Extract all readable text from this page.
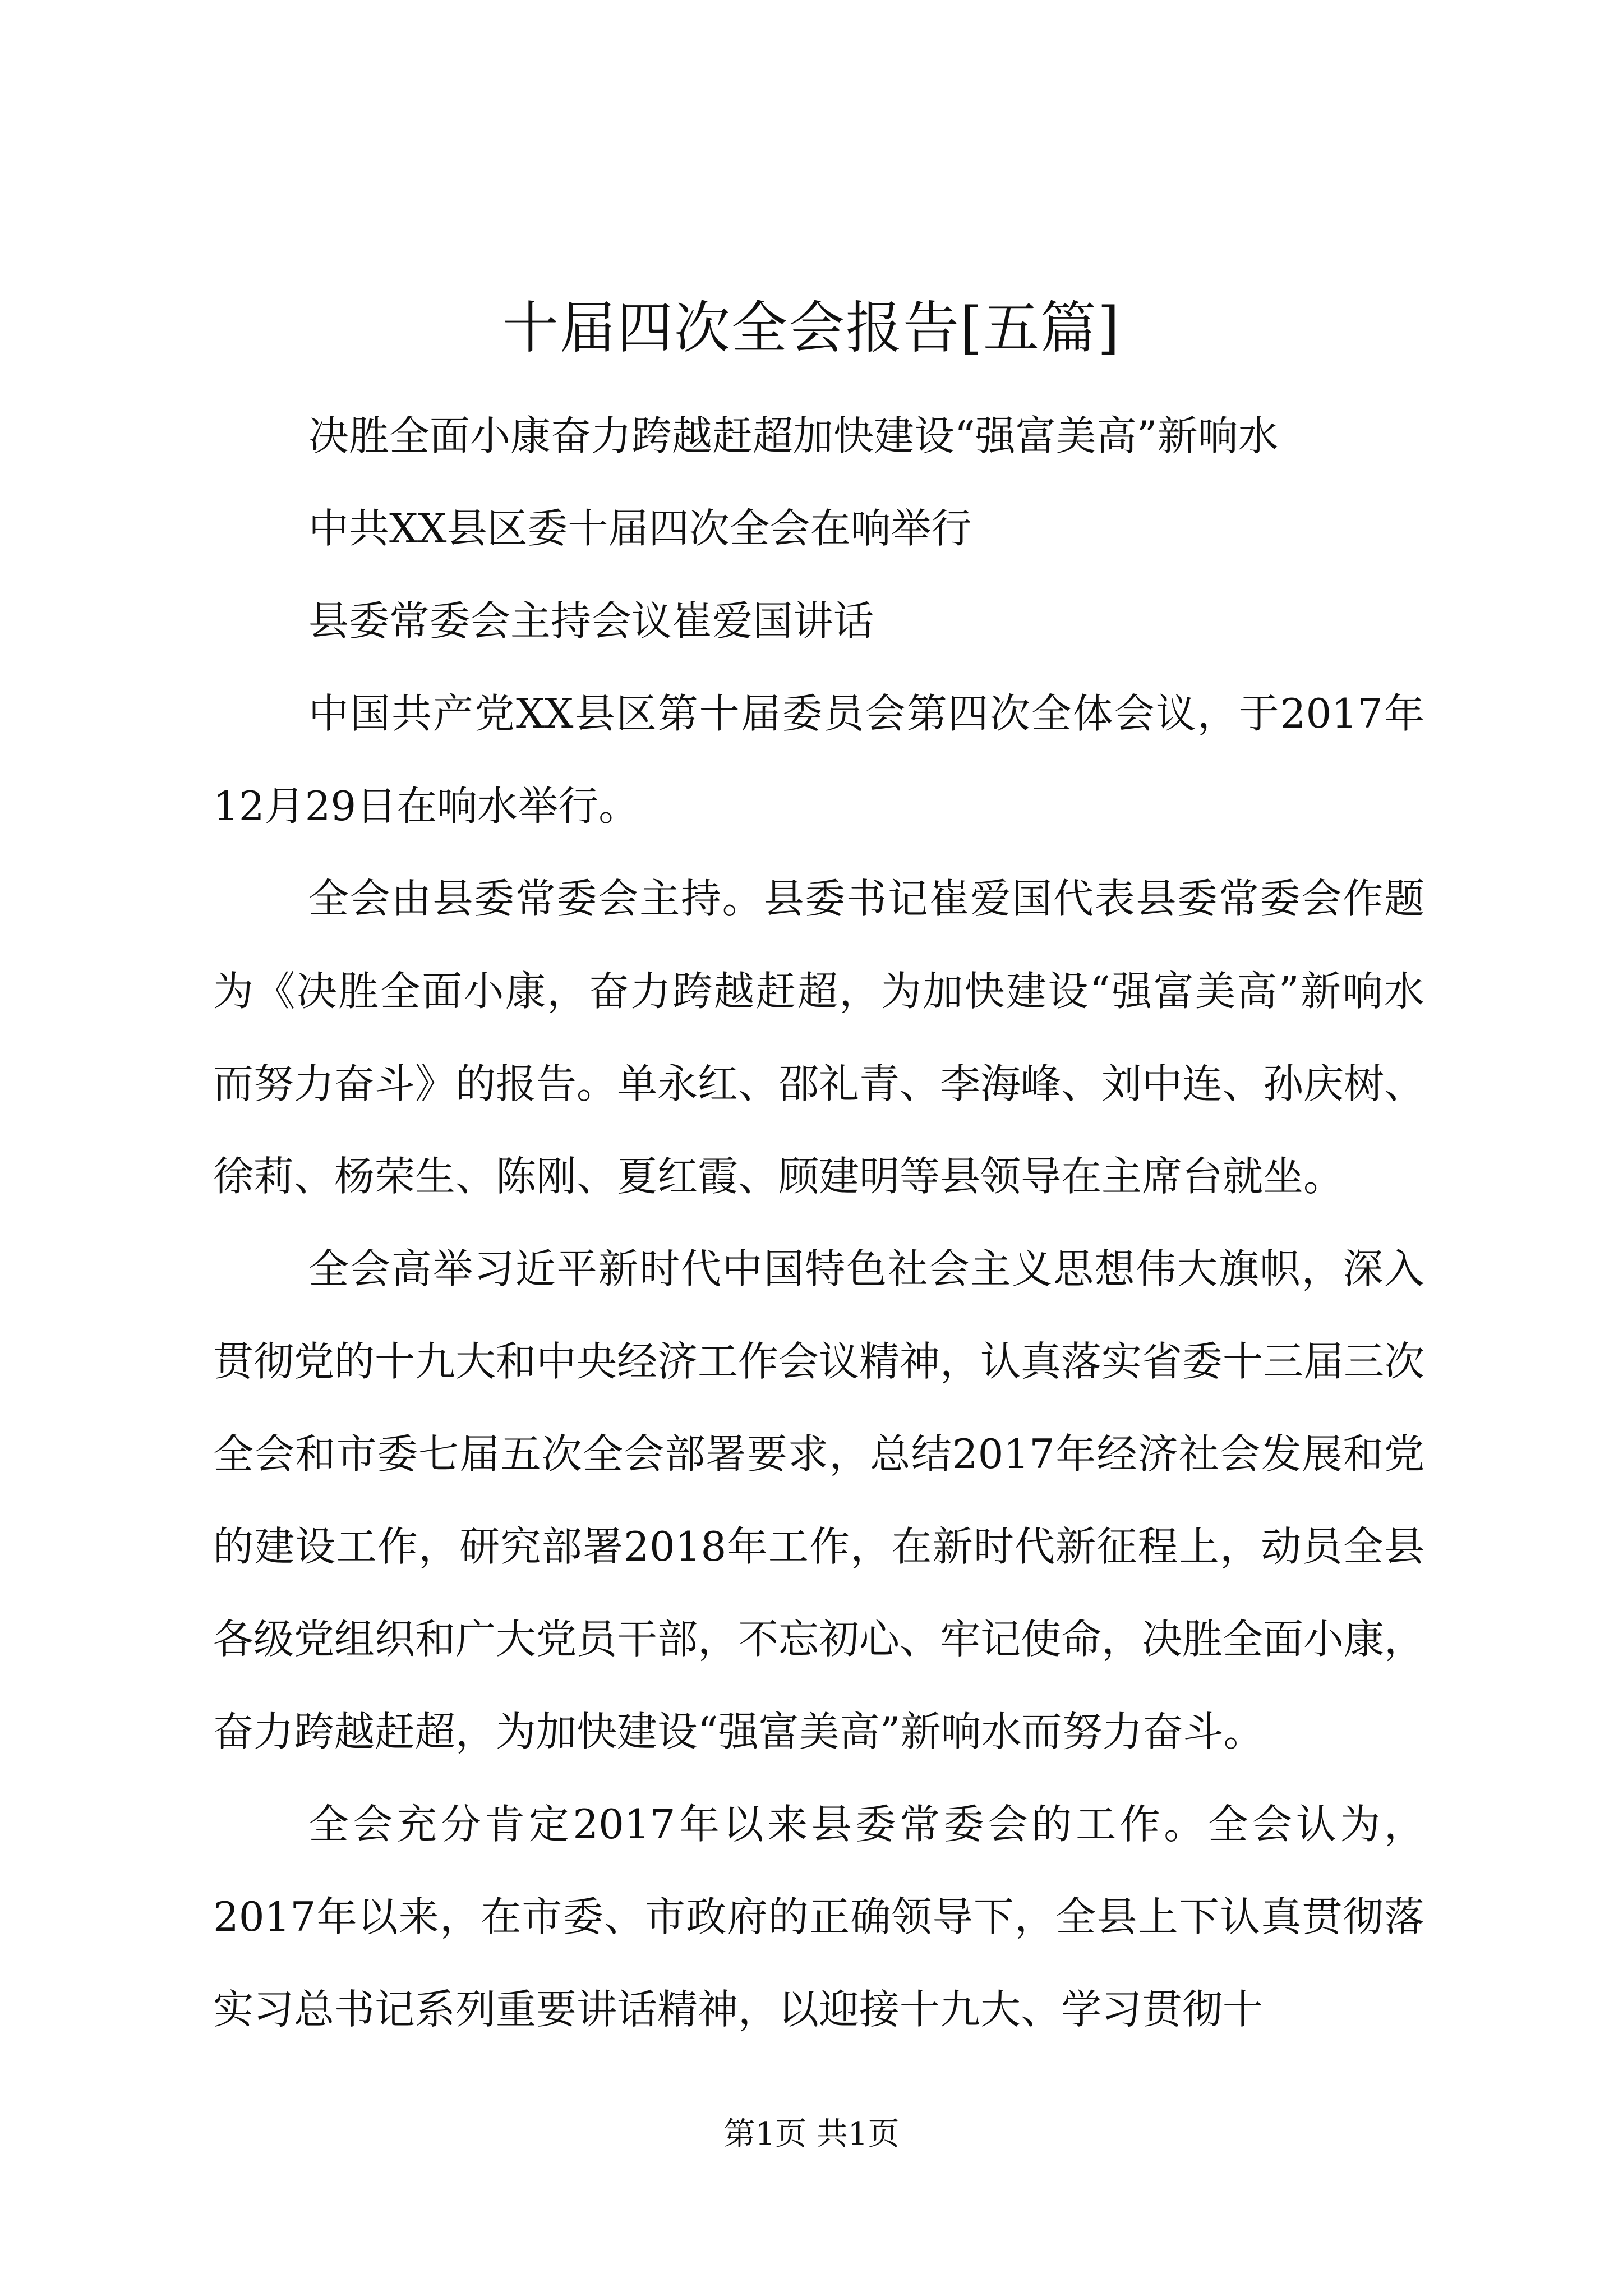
十届四次全会报告[五篇]

决胜全面小康奋力跨越赶超加快建设“强富美高”新响水

中共XX县区委十届四次全会在响举行

县委常委会主持会议崔爱国讲话

中国共产党XX县区第十届委员会第四次全体会议，于2017年12月29日在响水举行。

全会由县委常委会主持。县委书记崔爱国代表县委常委会作题为《决胜全面小康，奋力跨越赶超，为加快建设“强富美高”新响水而努力奋斗》的报告。单永红、邵礼青、李海峰、刘中连、孙庆树、徐莉、杨荣生、陈刚、夏红霞、顾建明等县领导在主席台就坐。

全会高举习近平新时代中国特色社会主义思想伟大旗帜，深入贯彻党的十九大和中央经济工作会议精神，认真落实省委十三届三次全会和市委七届五次全会部署要求，总结2017年经济社会发展和党的建设工作，研究部署2018年工作，在新时代新征程上，动员全县各级党组织和广大党员干部，不忘初心、牢记使命，决胜全面小康，奋力跨越赶超，为加快建设“强富美高”新响水而努力奋斗。

全会充分肯定2017年以来县委常委会的工作。全会认为，2017年以来，在市委、市政府的正确领导下，全县上下认真贯彻落实习总书记系列重要讲话精神，以迎接十九大、学习贯彻十

第1页 共1页
